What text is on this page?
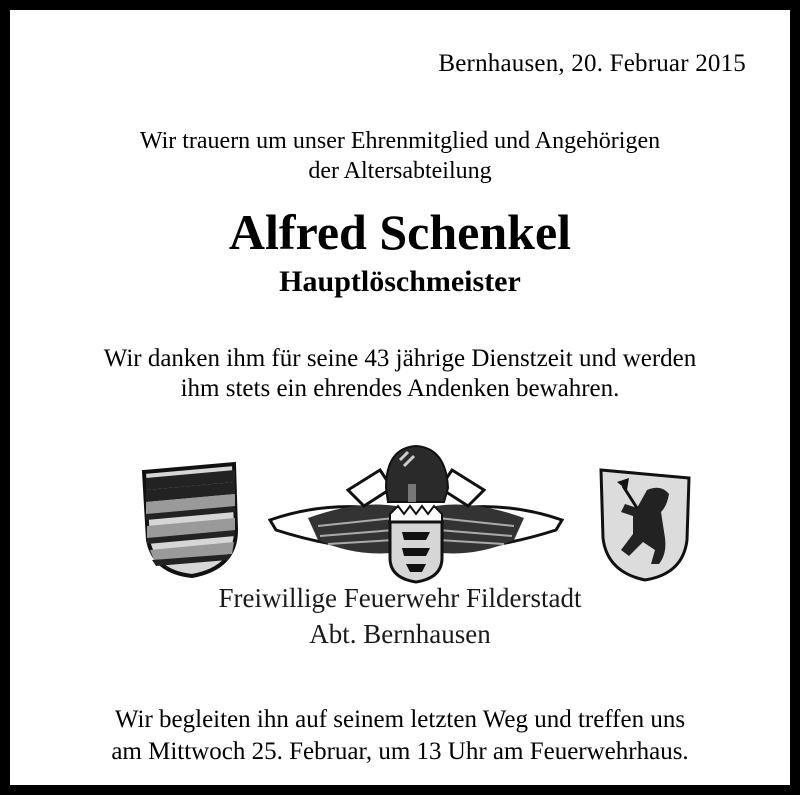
Bernhausen, 20. Februar 2015
Wir trauern um unser Ehrenmitglied und Angehörigen
der Altersabteilung
Alfred Schenkel
Hauptlöschmeister
Wir danken ihm für seine 43 jährige Dienstzeit und werden
ihm stets ein ehrendes Andenken bewahren.
Freiwillige Feuerwehr Filderstadt
Abt. Bernhausen
Wir begleiten ihn auf seinem letzten Weg und treffen uns
am Mittwoch 25. Februar, um 13 Uhr am Feuerwehrhaus.
